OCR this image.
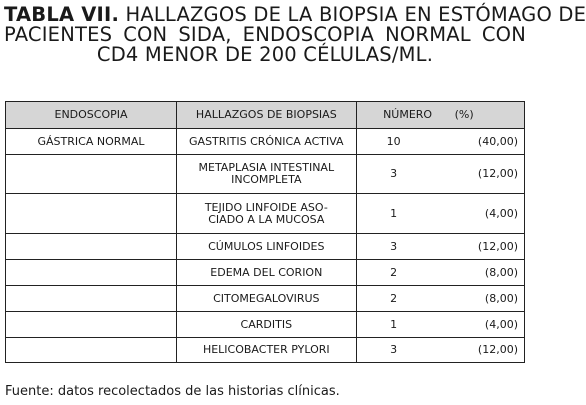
TABLA VII. HALLAZGOS DE LA BIOPSIA EN ESTÓMAGO DE
PACIENTES CON SIDA, ENDOSCOPIA NORMAL CON
CD4 MENOR DE 200 CÉLULAS/ML.
ENDOSCOPIA	HALLAZGOS DE BIOPSIAS	NÚMERO (%)

GÁSTRICA NORMAL	GASTRITIS CRÓNICA ACTIVA	10 (40,00)

	METAPLASIA INTESTINAL
INCOMPLETA	3 (12,00)

	TEJIDO LINFOIDE ASO-
CIADO A LA MUCOSA	1 (4,00)

	CÚMULOS LINFOIDES	3 (12,00)

	EDEMA DEL CORION	2 (8,00)

	CITOMEGALOVIRUS	2 (8,00)

	CARDITIS	1 (4,00)

	HELICOBACTER PYLORI	3 (12,00)
Fuente: datos recolectados de las historias clínicas.
